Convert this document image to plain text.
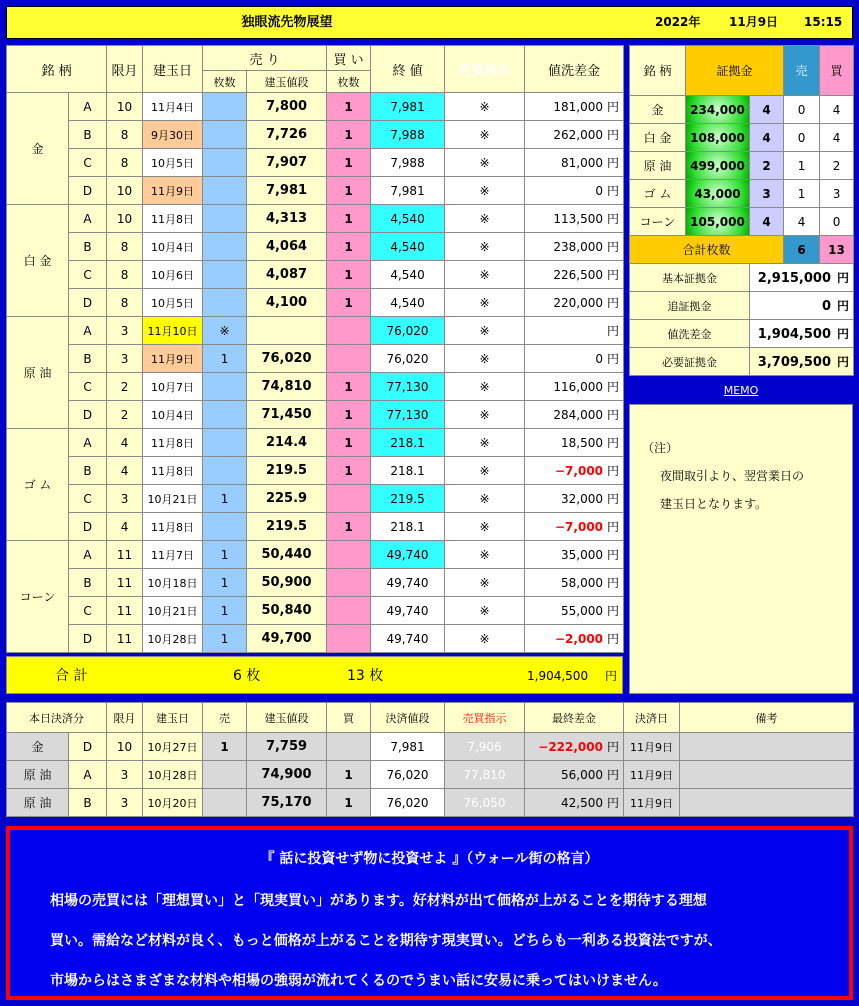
独眼流先物展望	2022年 11月9日 15:15
銘 柄		限月	建玉日	売 り		買 い	終 値	売買指示	値洗差金
				枚数	建玉値段	枚数			
金	A	10	11月4日		7,800	1	7,981	※	181,000 円
	B	8	9月30日		7,726	1	7,988	※	262,000 円
	C	8	10月5日		7,907	1	7,988	※	81,000 円
	D	10	11月9日		7,981	1	7,981	※	0 円
白 金	A	10	11月8日		4,313	1	4,540	※	113,500 円
	B	8	10月4日		4,064	1	4,540	※	238,000 円
	C	8	10月6日		4,087	1	4,540	※	226,500 円
	D	8	10月5日		4,100	1	4,540	※	220,000 円
原 油	A	3	11月10日	※			76,020	※	円
	B	3	11月9日	1	76,020		76,020	※	0 円
	C	2	10月7日		74,810	1	77,130	※	116,000 円
	D	2	10月4日		71,450	1	77,130	※	284,000 円
ゴ ム	A	4	11月8日		214.4	1	218.1	※	18,500 円
	B	4	11月8日		219.5	1	218.1	※	−7,000 円
	C	3	10月21日	1	225.9		219.5	※	32,000 円
	D	4	11月8日		219.5	1	218.1	※	−7,000 円
コーン	A	11	11月7日	1	50,440		49,740	※	35,000 円
	B	11	10月18日	1	50,900		49,740	※	58,000 円
	C	11	10月21日	1	50,840		49,740	※	55,000 円
	D	11	10月28日	1	49,700		49,740	※	−2,000 円
合 計	6 枚	13 枚	1,904,500 円
銘 柄	証拠金		売	買
金	234,000	4	0	4
白 金	108,000	4	0	4
原 油	499,000	2	1	2
ゴ ム	43,000	3	1	3
コーン	105,000	4	4	0
合計枚数			6	13
基本証拠金		2,915,000 円		
追証拠金		0 円		
値洗差金		1,904,500 円		
必要証拠金		3,709,500 円		
MEMO
（注）
夜間取引より、翌営業日の
建玉日となります。
本日決済分		限月	建玉日	売	建玉値段	買	決済値段	売買指示	最終差金	決済日	備考
金	D	10	10月27日	1	7,759		7,981	7,906	−222,000 円	11月9日	
原 油	A	3	10月28日		74,900	1	76,020	77,810	56,000 円	11月9日	
原 油	B	3	10月20日		75,170	1	76,020	76,050	42,500 円	11月9日	
『 話に投資せず物に投資せよ 』（ウォール街の格言）
相場の売買には「理想買い」と「現実買い」があります。好材料が出て価格が上がることを期待する理想
買い。需給など材料が良く、もっと価格が上がることを期待す現実買い。どちらも一利ある投資法ですが、
市場からはさまざまな材料や相場の強弱が流れてくるのでうまい話に安易に乗ってはいけません。
